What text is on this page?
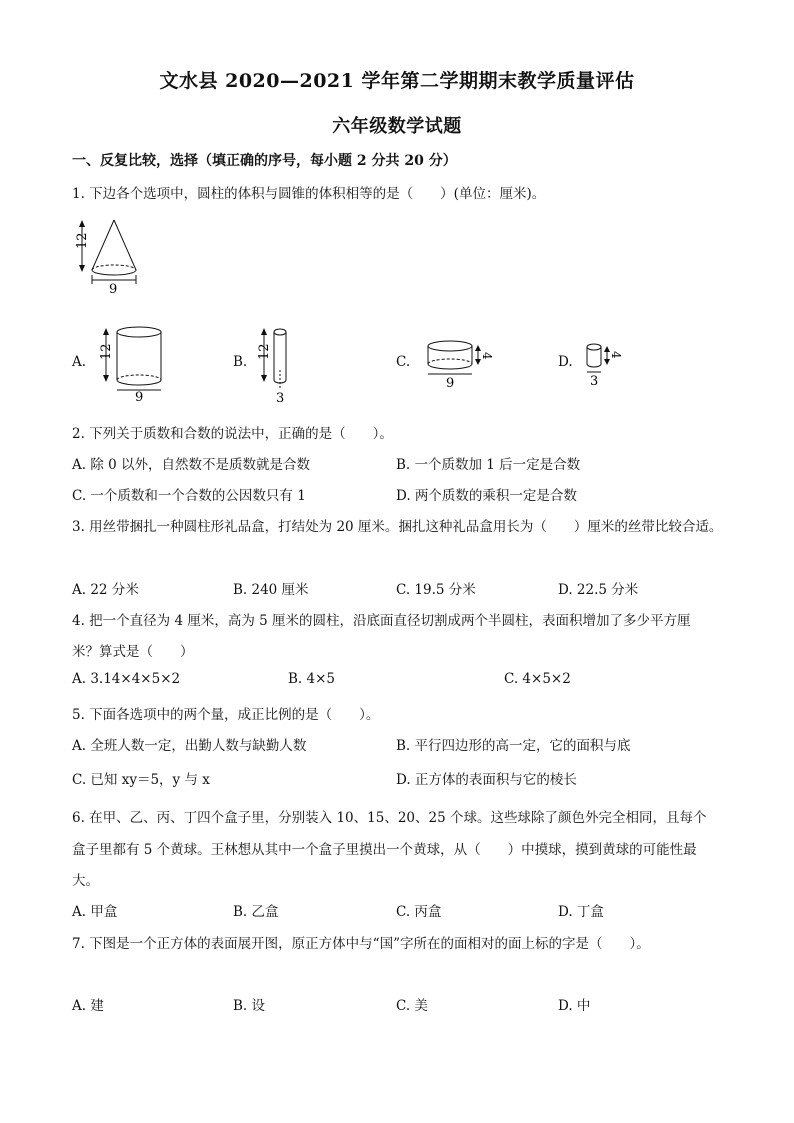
文水县 2020—2021 学年第二学期期末教学质量评估
六年级数学试题
一、反复比较，选择（填正确的序号，每小题 2 分共 20 分）
1. 下边各个选项中，圆柱的体积与圆锥的体积相等的是（　　）(单位：厘米)。
12
9
A.
12
9
B.
12
3
C.	4
9
D.	4
3
2. 下列关于质数和合数的说法中，正确的是（　　）。
A. 除 0 以外，自然数不是质数就是合数	B. 一个质数加 1 后一定是合数
C. 一个质数和一个合数的公因数只有 1	D. 两个质数的乘积一定是合数
3. 用丝带捆扎一种圆柱形礼品盒，打结处为 20 厘米。捆扎这种礼品盒用长为（　　）厘米的丝带比较合适。
A. 22 分米	B. 240 厘米	C. 19.5 分米	D. 22.5 分米
4. 把一个直径为 4 厘米，高为 5 厘米的圆柱，沿底面直径切割成两个半圆柱，表面积增加了多少平方厘
米？算式是（　　）
A. 3.14×4×5×2	B. 4×5	C. 4×5×2
5. 下面各选项中的两个量，成正比例的是（　　）。
A. 全班人数一定，出勤人数与缺勤人数	B. 平行四边形的高一定，它的面积与底
C. 已知 xy＝5，y 与 x	D. 正方体的表面积与它的棱长
6. 在甲、乙、丙、丁四个盒子里，分别装入 10、15、20、25 个球。这些球除了颜色外完全相同，且每个
盒子里都有 5 个黄球。王林想从其中一个盒子里摸出一个黄球，从（　　）中摸球，摸到黄球的可能性最
大。
A. 甲盒	B. 乙盒	C. 丙盒	D. 丁盒
7. 下图是一个正方体的表面展开图，原正方体中与“国”字所在的面相对的面上标的字是（　　）。
A. 建	B. 设	C. 美	D. 中
